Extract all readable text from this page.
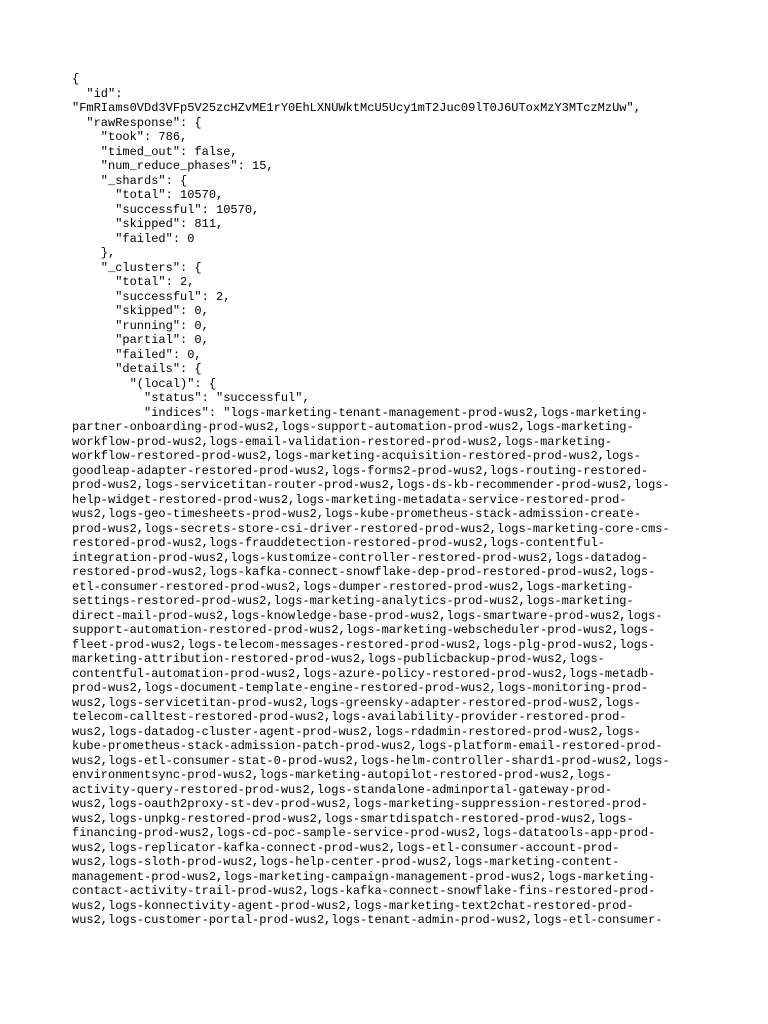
{
"id":
"FmRIams0VDd3VFp5V25zcHZvME1rY0EhLXNUWktMcU5Ucy1mT2Juc09lT0J6UToxMzY3MTczMzUw",
"rawResponse": {
"took": 786,
"timed_out": false,
"num_reduce_phases": 15,
"_shards": {
"total": 10570,
"successful": 10570,
"skipped": 811,
"failed": 0
},
"_clusters": {
"total": 2,
"successful": 2,
"skipped": 0,
"running": 0,
"partial": 0,
"failed": 0,
"details": {
"(local)": {
"status": "successful",
"indices": "logs-marketing-tenant-management-prod-wus2,logs-marketing-
partner-onboarding-prod-wus2,logs-support-automation-prod-wus2,logs-marketing-
workflow-prod-wus2,logs-email-validation-restored-prod-wus2,logs-marketing-
workflow-restored-prod-wus2,logs-marketing-acquisition-restored-prod-wus2,logs-
goodleap-adapter-restored-prod-wus2,logs-forms2-prod-wus2,logs-routing-restored-
prod-wus2,logs-servicetitan-router-prod-wus2,logs-ds-kb-recommender-prod-wus2,logs-
help-widget-restored-prod-wus2,logs-marketing-metadata-service-restored-prod-
wus2,logs-geo-timesheets-prod-wus2,logs-kube-prometheus-stack-admission-create-
prod-wus2,logs-secrets-store-csi-driver-restored-prod-wus2,logs-marketing-core-cms-
restored-prod-wus2,logs-frauddetection-restored-prod-wus2,logs-contentful-
integration-prod-wus2,logs-kustomize-controller-restored-prod-wus2,logs-datadog-
restored-prod-wus2,logs-kafka-connect-snowflake-dep-prod-restored-prod-wus2,logs-
etl-consumer-restored-prod-wus2,logs-dumper-restored-prod-wus2,logs-marketing-
settings-restored-prod-wus2,logs-marketing-analytics-prod-wus2,logs-marketing-
direct-mail-prod-wus2,logs-knowledge-base-prod-wus2,logs-smartware-prod-wus2,logs-
support-automation-restored-prod-wus2,logs-marketing-webscheduler-prod-wus2,logs-
fleet-prod-wus2,logs-telecom-messages-restored-prod-wus2,logs-plg-prod-wus2,logs-
marketing-attribution-restored-prod-wus2,logs-publicbackup-prod-wus2,logs-
contentful-automation-prod-wus2,logs-azure-policy-restored-prod-wus2,logs-metadb-
prod-wus2,logs-document-template-engine-restored-prod-wus2,logs-monitoring-prod-
wus2,logs-servicetitan-prod-wus2,logs-greensky-adapter-restored-prod-wus2,logs-
telecom-calltest-restored-prod-wus2,logs-availability-provider-restored-prod-
wus2,logs-datadog-cluster-agent-prod-wus2,logs-rdadmin-restored-prod-wus2,logs-
kube-prometheus-stack-admission-patch-prod-wus2,logs-platform-email-restored-prod-
wus2,logs-etl-consumer-stat-0-prod-wus2,logs-helm-controller-shard1-prod-wus2,logs-
environmentsync-prod-wus2,logs-marketing-autopilot-restored-prod-wus2,logs-
activity-query-restored-prod-wus2,logs-standalone-adminportal-gateway-prod-
wus2,logs-oauth2proxy-st-dev-prod-wus2,logs-marketing-suppression-restored-prod-
wus2,logs-unpkg-restored-prod-wus2,logs-smartdispatch-restored-prod-wus2,logs-
financing-prod-wus2,logs-cd-poc-sample-service-prod-wus2,logs-datatools-app-prod-
wus2,logs-replicator-kafka-connect-prod-wus2,logs-etl-consumer-account-prod-
wus2,logs-sloth-prod-wus2,logs-help-center-prod-wus2,logs-marketing-content-
management-prod-wus2,logs-marketing-campaign-management-prod-wus2,logs-marketing-
contact-activity-trail-prod-wus2,logs-kafka-connect-snowflake-fins-restored-prod-
wus2,logs-konnectivity-agent-prod-wus2,logs-marketing-text2chat-restored-prod-
wus2,logs-customer-portal-prod-wus2,logs-tenant-admin-prod-wus2,logs-etl-consumer-
